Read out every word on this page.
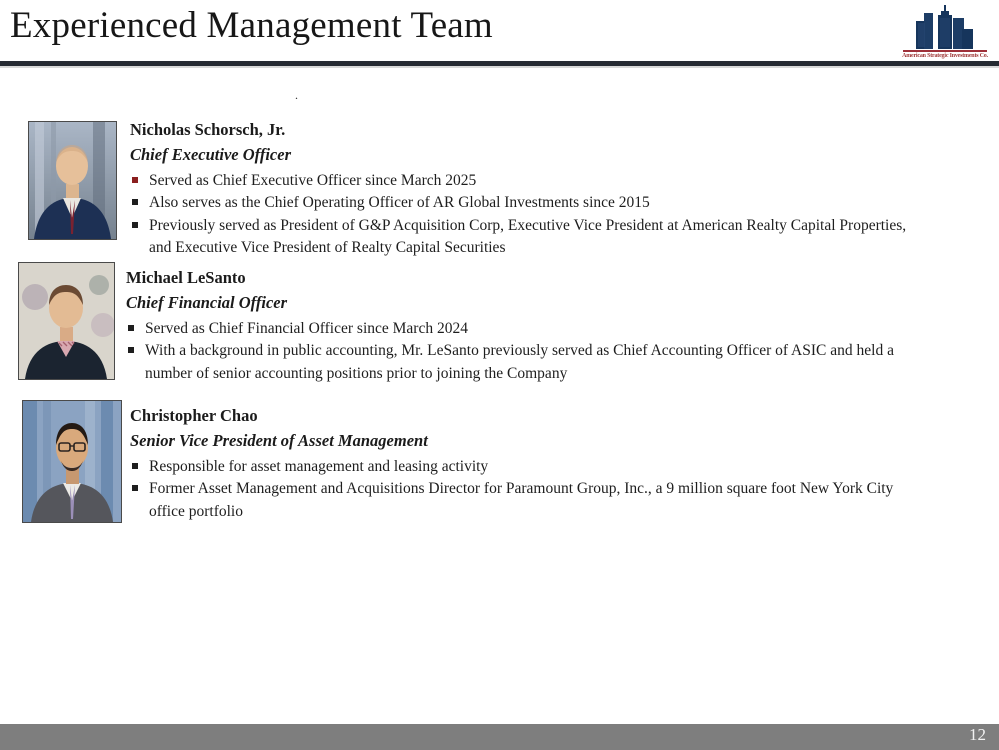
Experienced Management Team
American Strategic Investments Co.
.
Nicholas Schorsch, Jr.
Chief Executive Officer
Served as Chief Executive Officer since March 2025
Also serves as the Chief Operating Officer of AR Global Investments since 2015
Previously served as President of G&P Acquisition Corp, Executive Vice President at American Realty Capital Properties, and Executive Vice President of Realty Capital Securities
Michael LeSanto
Chief Financial Officer
Served as Chief Financial Officer since March 2024
With a background in public accounting, Mr. LeSanto previously served as Chief Accounting Officer of ASIC and held a number of senior accounting positions prior to joining the Company
Christopher Chao
Senior Vice President of Asset Management
Responsible for asset management and leasing activity
Former Asset Management and Acquisitions Director for Paramount Group, Inc., a 9 million square foot New York City office portfolio
12
